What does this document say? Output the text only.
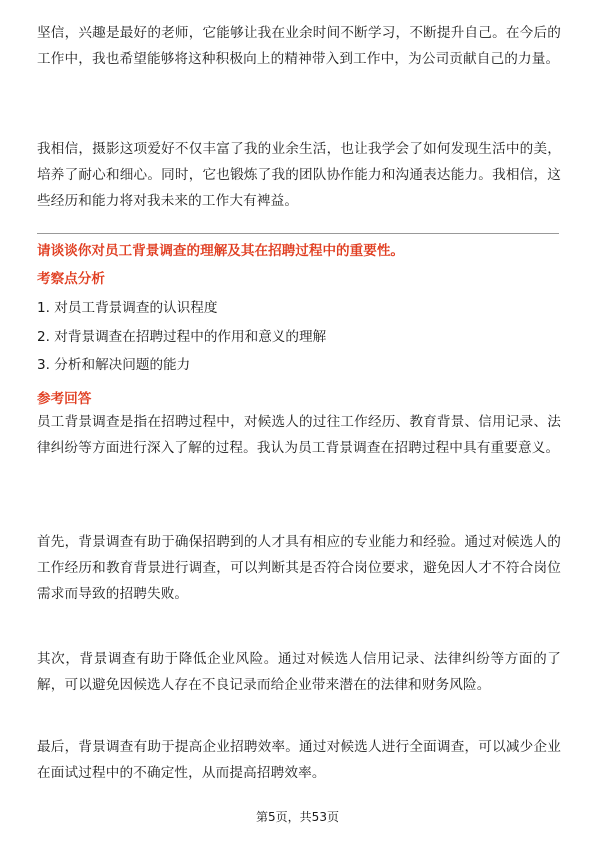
坚信，兴趣是最好的老师，它能够让我在业余时间不断学习，不断提升自己。在今后的工作中，我也希望能够将这种积极向上的精神带入到工作中，为公司贡献自己的力量。

我相信，摄影这项爱好不仅丰富了我的业余生活，也让我学会了如何发现生活中的美，培养了耐心和细心。同时，它也锻炼了我的团队协作能力和沟通表达能力。我相信，这些经历和能力将对我未来的工作大有裨益。

请谈谈你对员工背景调查的理解及其在招聘过程中的重要性。

考察点分析

1. 对员工背景调查的认识程度

2. 对背景调查在招聘过程中的作用和意义的理解

3. 分析和解决问题的能力

参考回答

员工背景调查是指在招聘过程中，对候选人的过往工作经历、教育背景、信用记录、法律纠纷等方面进行深入了解的过程。我认为员工背景调查在招聘过程中具有重要意义。

首先，背景调查有助于确保招聘到的人才具有相应的专业能力和经验。通过对候选人的工作经历和教育背景进行调查，可以判断其是否符合岗位要求，避免因人才不符合岗位需求而导致的招聘失败。

其次，背景调查有助于降低企业风险。通过对候选人信用记录、法律纠纷等方面的了解，可以避免因候选人存在不良记录而给企业带来潜在的法律和财务风险。

最后，背景调查有助于提高企业招聘效率。通过对候选人进行全面调查，可以减少企业在面试过程中的不确定性，从而提高招聘效率。

第5页，共53页
